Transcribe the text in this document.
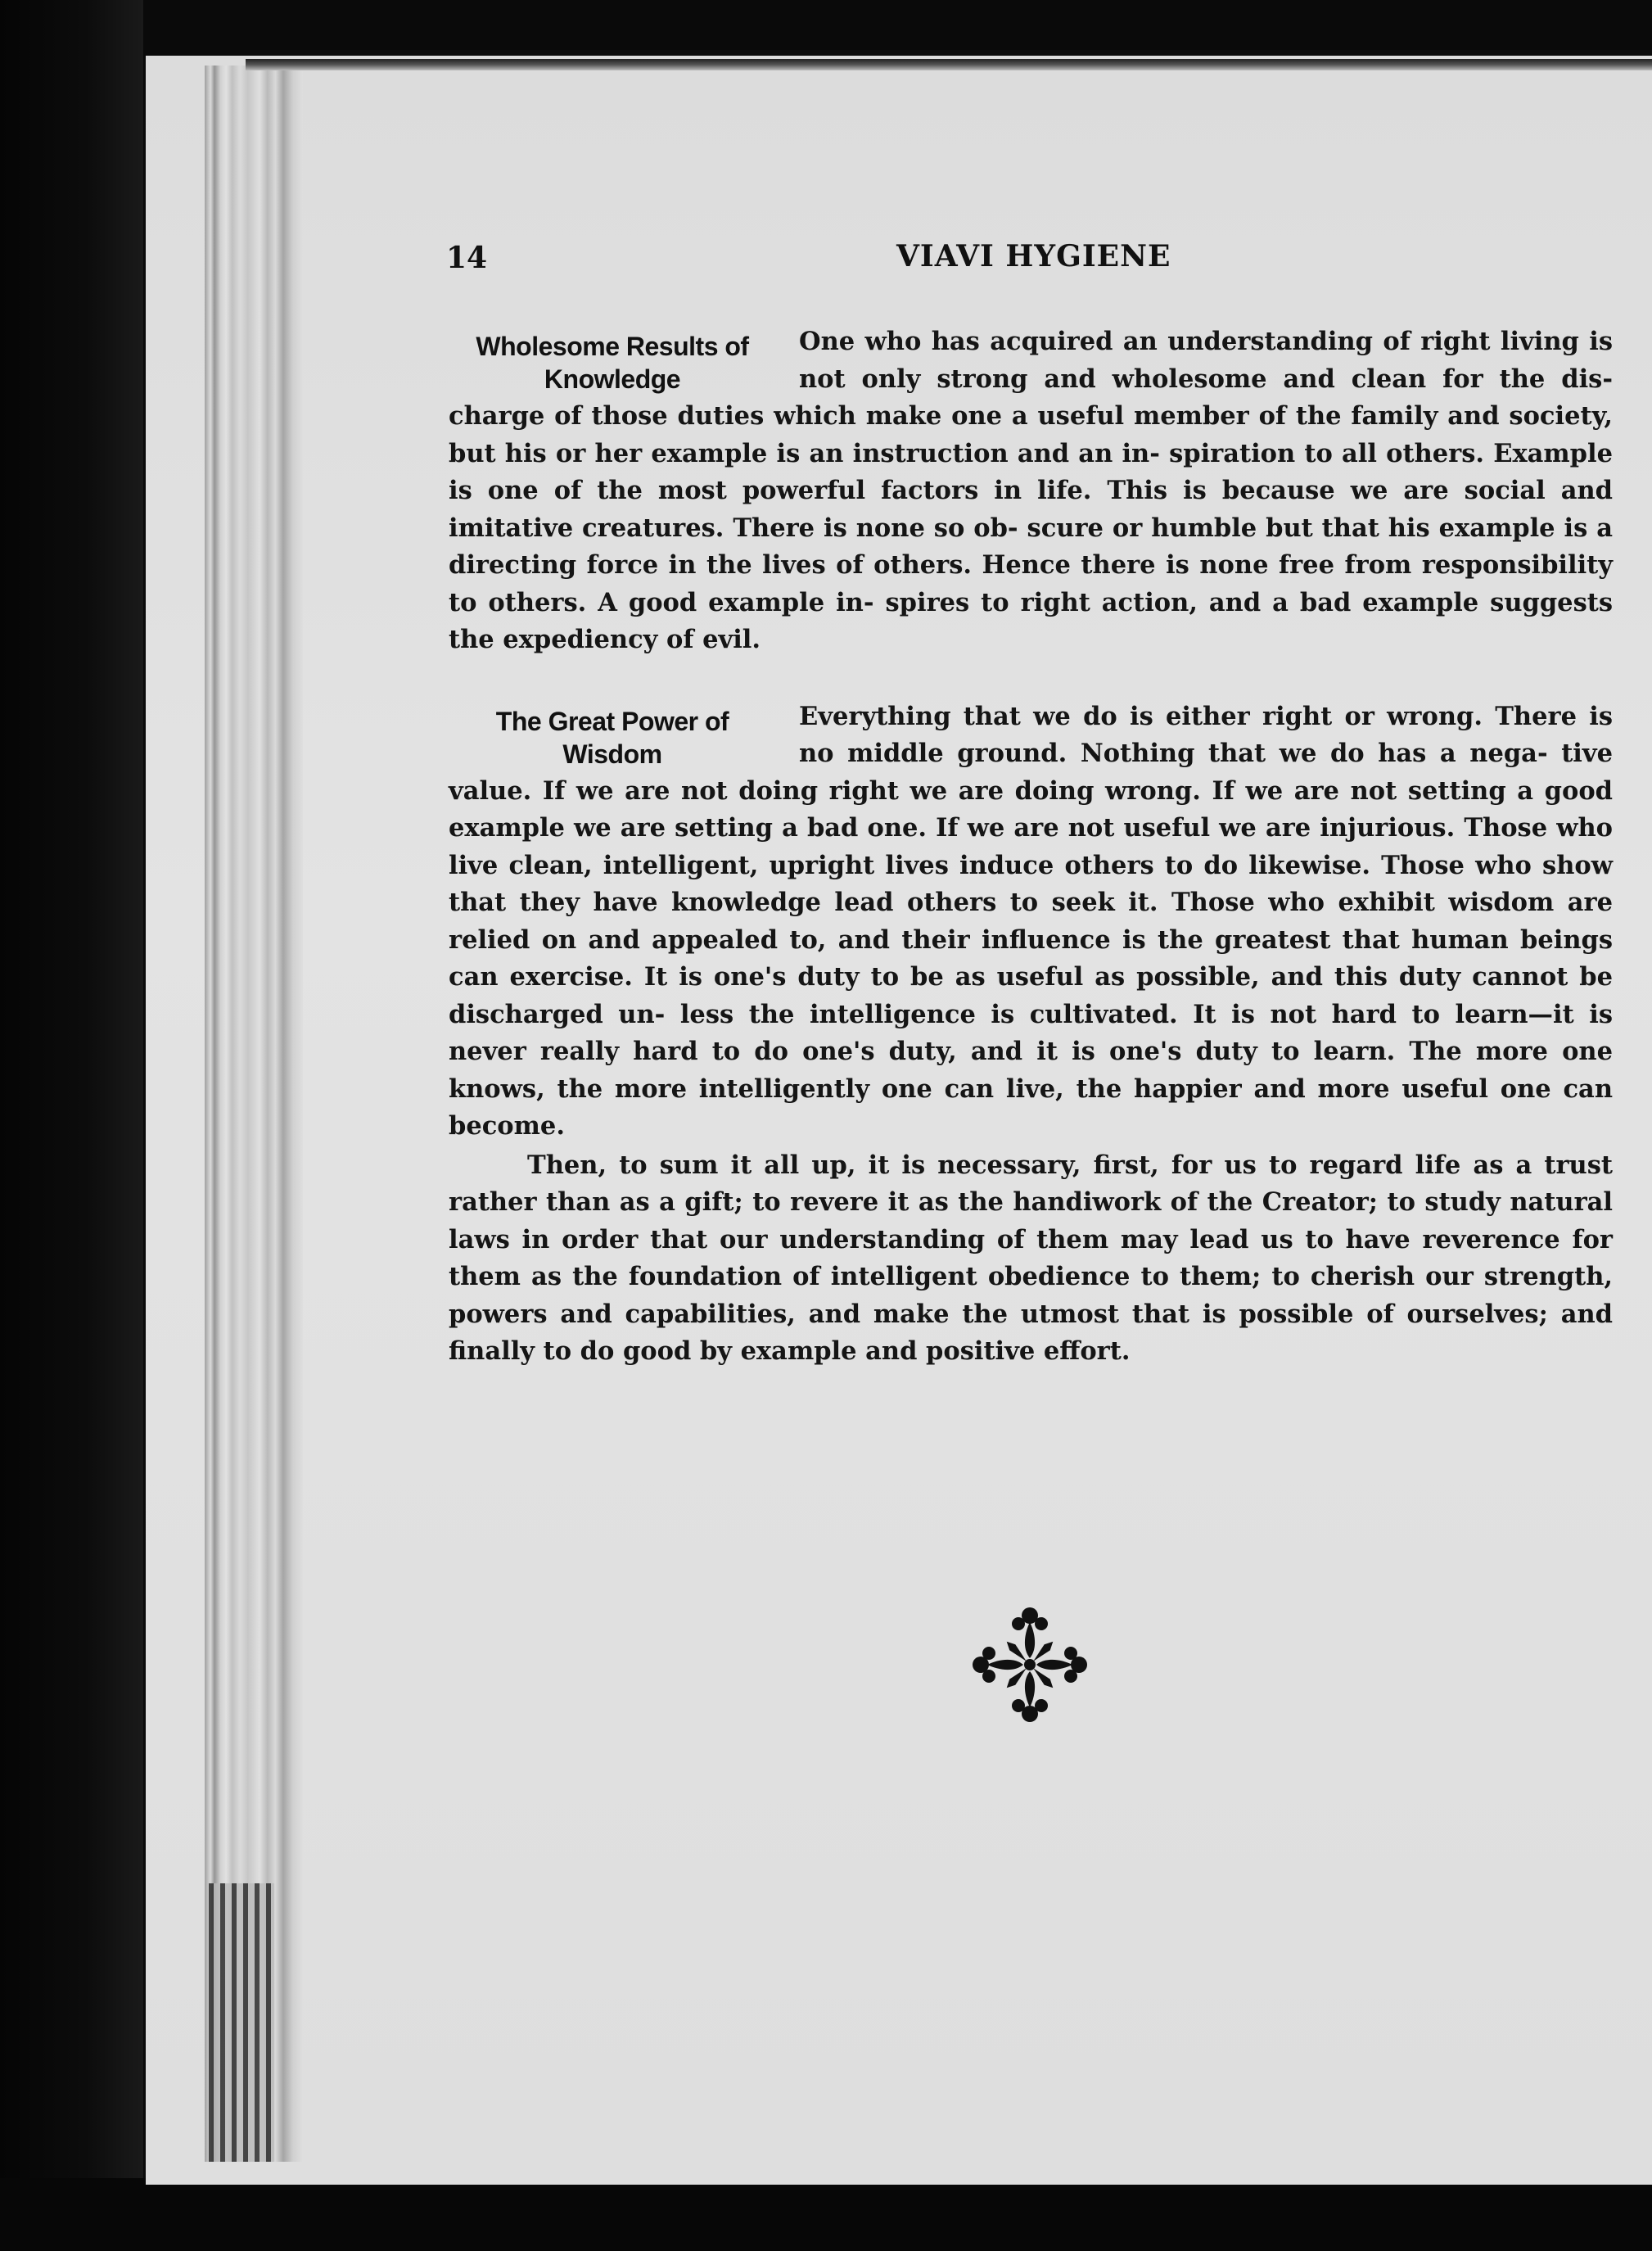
14	VIAVI HYGIENE
Wholesome Results of Knowledge

One who has acquired an understanding of right living is not only strong and wholesome and clean for the dis- charge of those duties which make one a useful member of the family and society, but his or her example is an instruction and an in- spiration to all others. Example is one of the most powerful factors in life. This is because we are social and imitative creatures. There is none so ob- scure or humble but that his example is a directing force in the lives of others. Hence there is none free from responsibility to others. A good example in- spires to right action, and a bad example suggests the expediency of evil.

The Great Power of Wisdom

Everything that we do is either right or wrong. There is no middle ground. Nothing that we do has a nega- tive value. If we are not doing right we are doing wrong. If we are not setting a good example we are setting a bad one. If we are not useful we are injurious. Those who live clean, intelligent, upright lives induce others to do likewise. Those who show that they have knowledge lead others to seek it. Those who exhibit wisdom are relied on and appealed to, and their influence is the greatest that human beings can exercise. It is one's duty to be as useful as possible, and this duty cannot be discharged un- less the intelligence is cultivated. It is not hard to learn—it is never really hard to do one's duty, and it is one's duty to learn. The more one knows, the more intelligently one can live, the happier and more useful one can become.

Then, to sum it all up, it is necessary, first, for us to regard life as a trust rather than as a gift; to revere it as the handiwork of the Creator; to study natural laws in order that our understanding of them may lead us to have reverence for them as the foundation of intelligent obedience to them; to cherish our strength, powers and capabilities, and make the utmost that is possible of ourselves; and finally to do good by example and positive effort.
